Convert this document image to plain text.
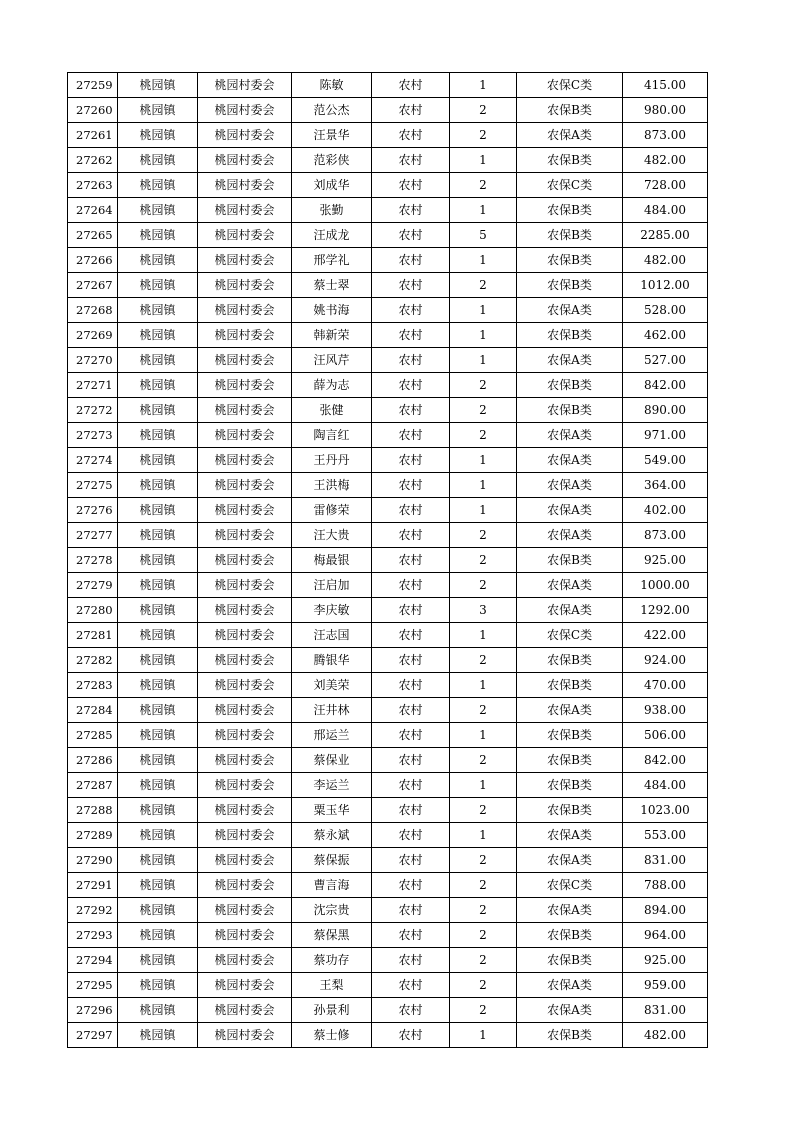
27259	桃园镇	桃园村委会	陈敏	农村	1	农保C类	415.00
27260	桃园镇	桃园村委会	范公杰	农村	2	农保B类	980.00
27261	桃园镇	桃园村委会	汪景华	农村	2	农保A类	873.00
27262	桃园镇	桃园村委会	范彩侠	农村	1	农保B类	482.00
27263	桃园镇	桃园村委会	刘成华	农村	2	农保C类	728.00
27264	桃园镇	桃园村委会	张勤	农村	1	农保B类	484.00
27265	桃园镇	桃园村委会	汪成龙	农村	5	农保B类	2285.00
27266	桃园镇	桃园村委会	邢学礼	农村	1	农保B类	482.00
27267	桃园镇	桃园村委会	蔡士翠	农村	2	农保B类	1012.00
27268	桃园镇	桃园村委会	姚书海	农村	1	农保A类	528.00
27269	桃园镇	桃园村委会	韩新荣	农村	1	农保B类	462.00
27270	桃园镇	桃园村委会	汪风芹	农村	1	农保A类	527.00
27271	桃园镇	桃园村委会	薛为志	农村	2	农保B类	842.00
27272	桃园镇	桃园村委会	张健	农村	2	农保B类	890.00
27273	桃园镇	桃园村委会	陶言红	农村	2	农保A类	971.00
27274	桃园镇	桃园村委会	王丹丹	农村	1	农保A类	549.00
27275	桃园镇	桃园村委会	王洪梅	农村	1	农保A类	364.00
27276	桃园镇	桃园村委会	雷修荣	农村	1	农保A类	402.00
27277	桃园镇	桃园村委会	汪大贵	农村	2	农保A类	873.00
27278	桃园镇	桃园村委会	梅最银	农村	2	农保B类	925.00
27279	桃园镇	桃园村委会	汪启加	农村	2	农保A类	1000.00
27280	桃园镇	桃园村委会	李庆敏	农村	3	农保A类	1292.00
27281	桃园镇	桃园村委会	汪志国	农村	1	农保C类	422.00
27282	桃园镇	桃园村委会	腾银华	农村	2	农保B类	924.00
27283	桃园镇	桃园村委会	刘美荣	农村	1	农保B类	470.00
27284	桃园镇	桃园村委会	汪井林	农村	2	农保A类	938.00
27285	桃园镇	桃园村委会	邢运兰	农村	1	农保B类	506.00
27286	桃园镇	桃园村委会	蔡保业	农村	2	农保B类	842.00
27287	桃园镇	桃园村委会	李运兰	农村	1	农保B类	484.00
27288	桃园镇	桃园村委会	粟玉华	农村	2	农保B类	1023.00
27289	桃园镇	桃园村委会	蔡永斌	农村	1	农保A类	553.00
27290	桃园镇	桃园村委会	蔡保振	农村	2	农保A类	831.00
27291	桃园镇	桃园村委会	曹言海	农村	2	农保C类	788.00
27292	桃园镇	桃园村委会	沈宗贵	农村	2	农保A类	894.00
27293	桃园镇	桃园村委会	蔡保黑	农村	2	农保B类	964.00
27294	桃园镇	桃园村委会	蔡功存	农村	2	农保B类	925.00
27295	桃园镇	桃园村委会	王梨	农村	2	农保A类	959.00
27296	桃园镇	桃园村委会	孙景利	农村	2	农保A类	831.00
27297	桃园镇	桃园村委会	蔡士修	农村	1	农保B类	482.00
